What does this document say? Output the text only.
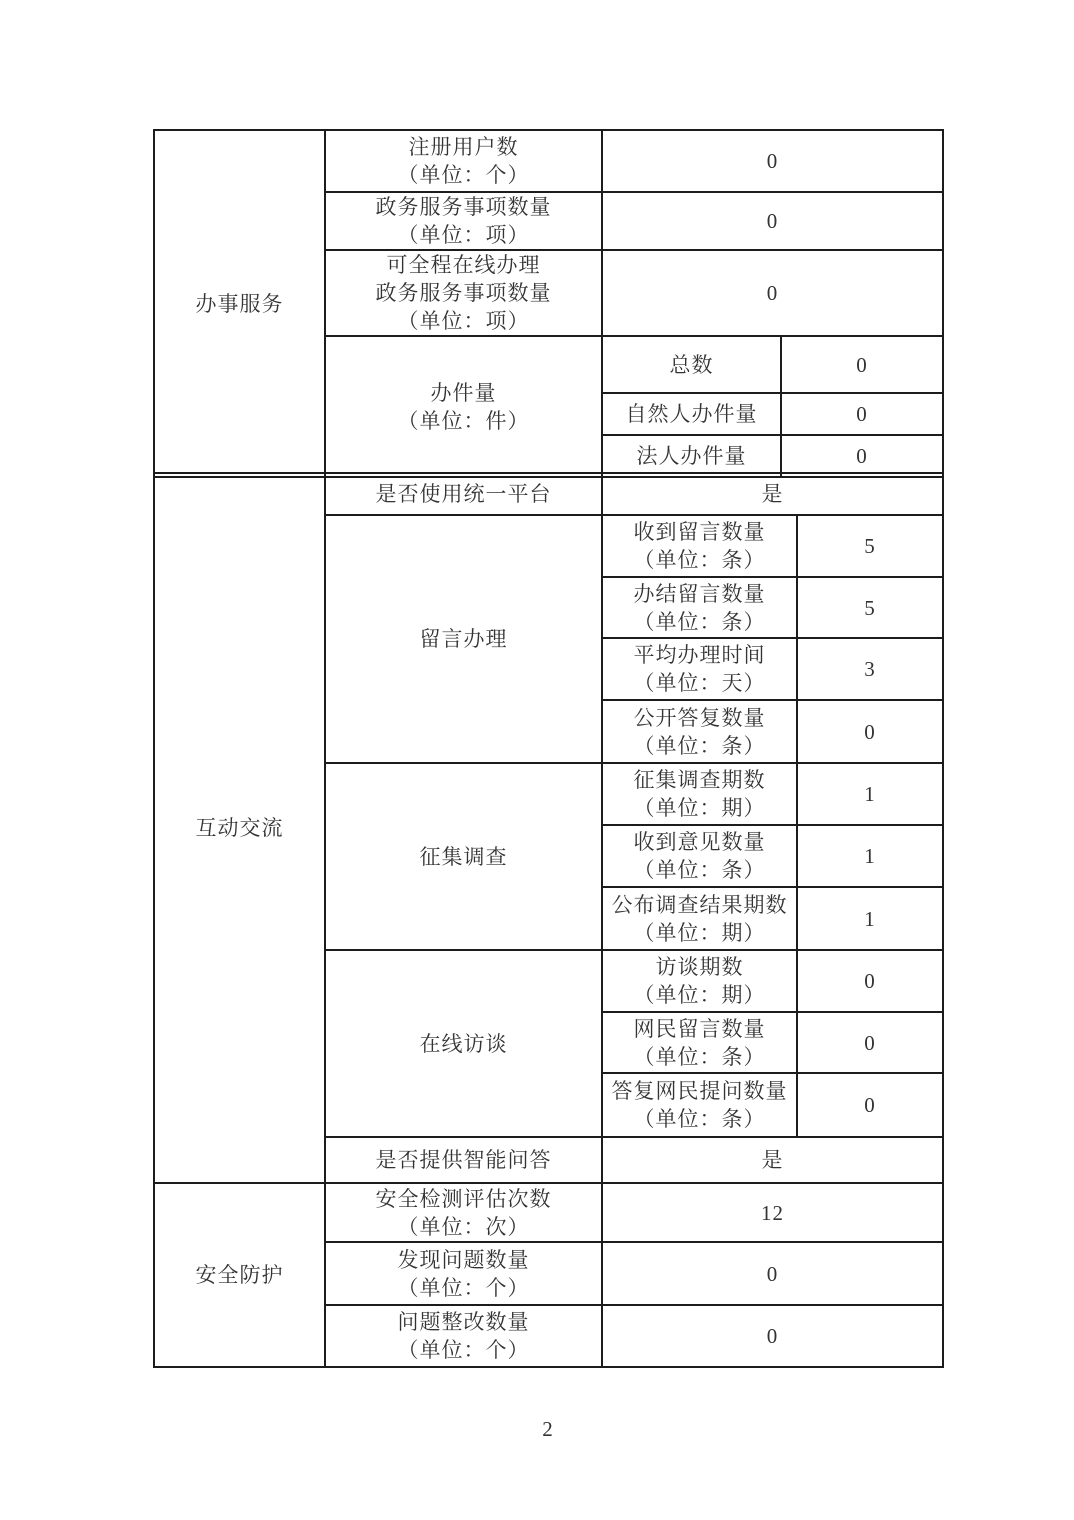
办事服务	注册用户数
（单位：个）	0	

	政务服务事项数量
（单位：项）	0	

	可全程在线办理
政务服务事项数量
（单位：项）	0	

	办件量
（单位：件）	总数	0
		自然人办件量	0
		法人办件量	0
互动交流	是否使用统一平台	是	

	留言办理	收到留言数量
（单位：条）	5

		办结留言数量
（单位：条）	5

		平均办理时间
（单位：天）	3

		公开答复数量
（单位：条）	0

	征集调查	征集调查期数
（单位：期）	1

		收到意见数量
（单位：条）	1

		公布调查结果期数
（单位：期）	1

	在线访谈	访谈期数
（单位：期）	0

		网民留言数量
（单位：条）	0

		答复网民提问数量
（单位：条）	0

	是否提供智能问答	是	
安全防护	安全检测评估次数
（单位：次）	12

	发现问题数量
（单位：个）	0

	问题整改数量
（单位：个）	0
2
